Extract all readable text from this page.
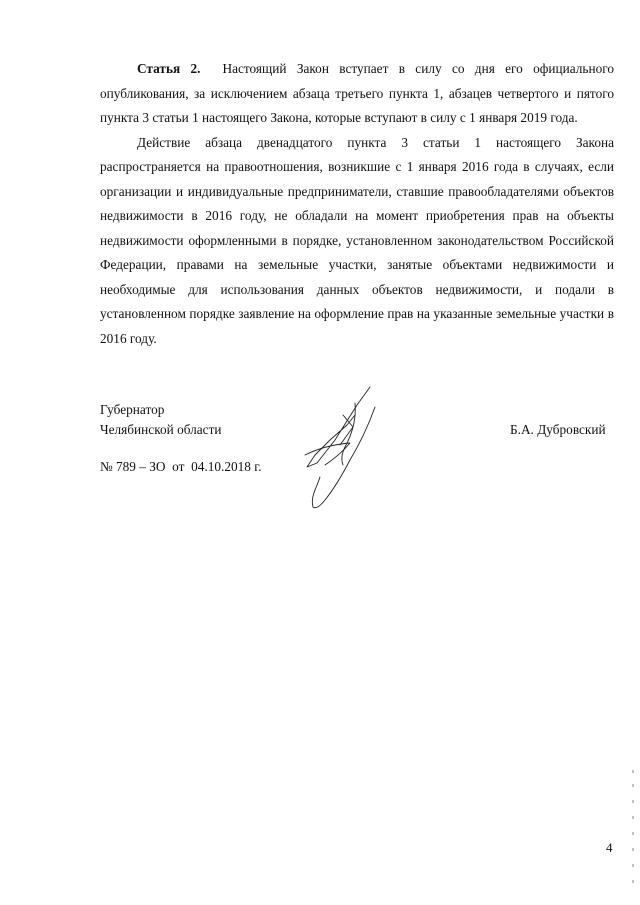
Статья 2. Настоящий Закон вступает в силу со дня его официального опубликования, за исключением абзаца третьего пункта 1, абзацев четвертого и пятого пункта 3 статьи 1 настоящего Закона, которые вступают в силу с 1 января 2019 года.

Действие абзаца двенадцатого пункта 3 статьи 1 настоящего Закона распространяется на правоотношения, возникшие с 1 января 2016 года в случаях, если организации и индивидуальные предприниматели, ставшие правообладателями объектов недвижимости в 2016 году, не обладали на момент приобретения прав на объекты недвижимости оформленными в порядке, установленном законодательством Российской Федерации, правами на земельные участки, занятые объектами недвижимости и необходимые для использования данных объектов недвижимости, и подали в установленном порядке заявление на оформление прав на указанные земельные участки в 2016 году.

Губернатор
Челябинской области	Б.А. Дубровский
№ 789 – ЗО  от  04.10.2018 г.
4
